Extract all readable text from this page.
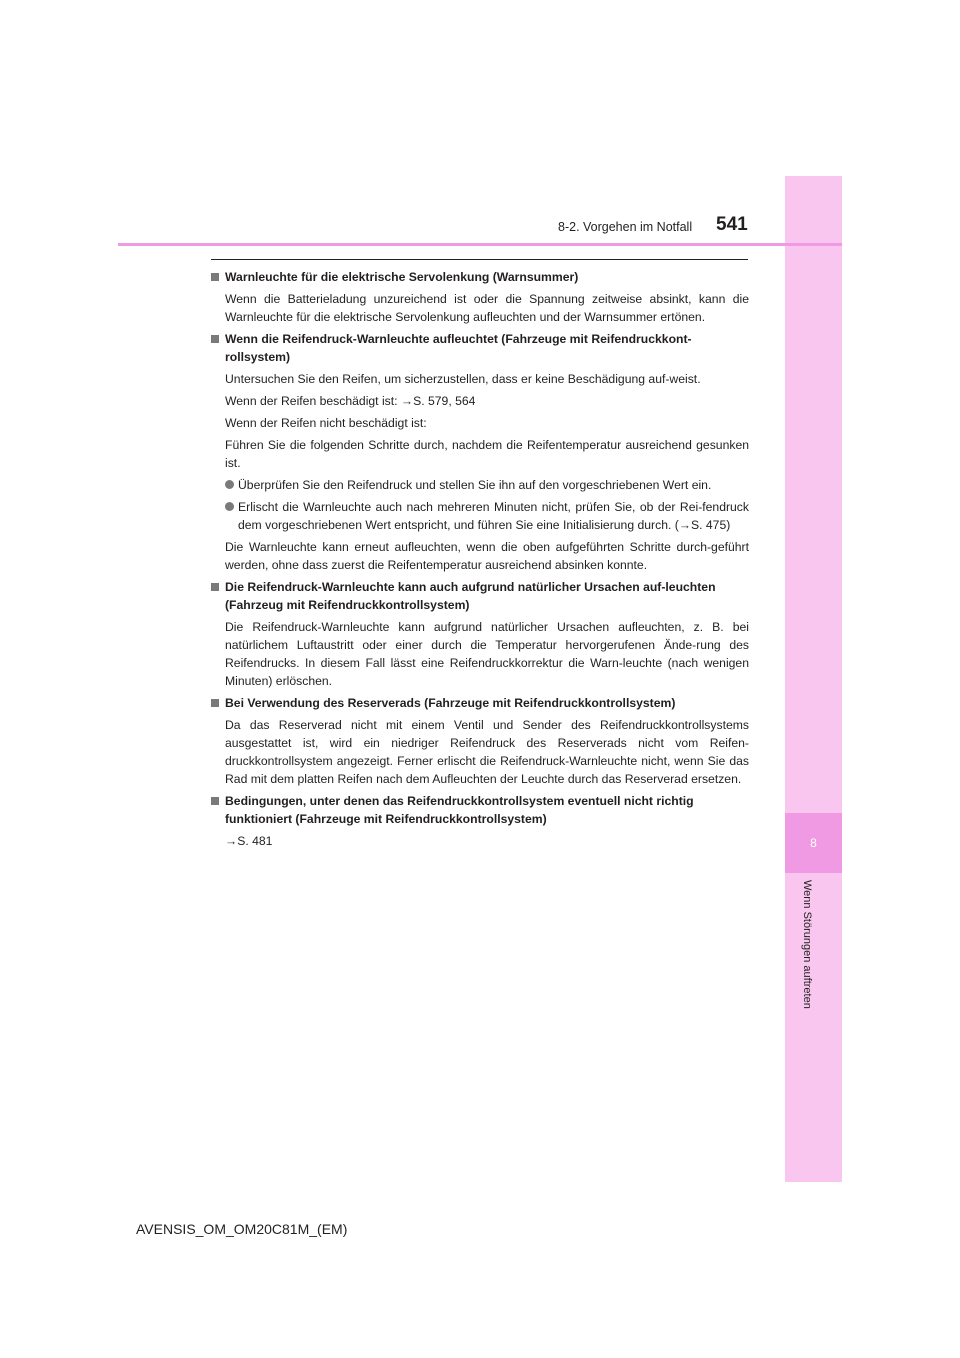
8
Wenn Störungen auftreten
8-2. Vorgehen im Notfall 541
Warnleuchte für die elektrische Servolenkung (Warnsummer)

Wenn die Batterieladung unzureichend ist oder die Spannung zeitweise absinkt, kann die Warnleuchte für die elektrische Servolenkung aufleuchten und der Warnsummer ertönen.

Wenn die Reifendruck-Warnleuchte aufleuchtet (Fahrzeuge mit Reifendruckkont-rollsystem)

Untersuchen Sie den Reifen, um sicherzustellen, dass er keine Beschädigung auf-weist.

Wenn der Reifen beschädigt ist: →S. 579, 564

Wenn der Reifen nicht beschädigt ist:

Führen Sie die folgenden Schritte durch, nachdem die Reifentemperatur ausreichend gesunken ist.

Überprüfen Sie den Reifendruck und stellen Sie ihn auf den vorgeschriebenen Wert ein.
Erlischt die Warnleuchte auch nach mehreren Minuten nicht, prüfen Sie, ob der Rei-fendruck dem vorgeschriebenen Wert entspricht, und führen Sie eine Initialisierung durch. (→S. 475)

Die Warnleuchte kann erneut aufleuchten, wenn die oben aufgeführten Schritte durch-geführt werden, ohne dass zuerst die Reifentemperatur ausreichend absinken konnte.

Die Reifendruck-Warnleuchte kann auch aufgrund natürlicher Ursachen auf-leuchten (Fahrzeug mit Reifendruckkontrollsystem)

Die Reifendruck-Warnleuchte kann aufgrund natürlicher Ursachen aufleuchten, z. B. bei natürlichem Luftaustritt oder einer durch die Temperatur hervorgerufenen Ände-rung des Reifendrucks. In diesem Fall lässt eine Reifendruckkorrektur die Warn-leuchte (nach wenigen Minuten) erlöschen.

Bei Verwendung des Reserverads (Fahrzeuge mit Reifendruckkontrollsystem)

Da das Reserverad nicht mit einem Ventil und Sender des Reifendruckkontrollsystems ausgestattet ist, wird ein niedriger Reifendruck des Reserverads nicht vom Reifen-druckkontrollsystem angezeigt. Ferner erlischt die Reifendruck-Warnleuchte nicht, wenn Sie das Rad mit dem platten Reifen nach dem Aufleuchten der Leuchte durch das Reserverad ersetzen.

Bedingungen, unter denen das Reifendruckkontrollsystem eventuell nicht richtig funktioniert (Fahrzeuge mit Reifendruckkontrollsystem)

→S. 481

AVENSIS_OM_OM20C81M_(EM)
